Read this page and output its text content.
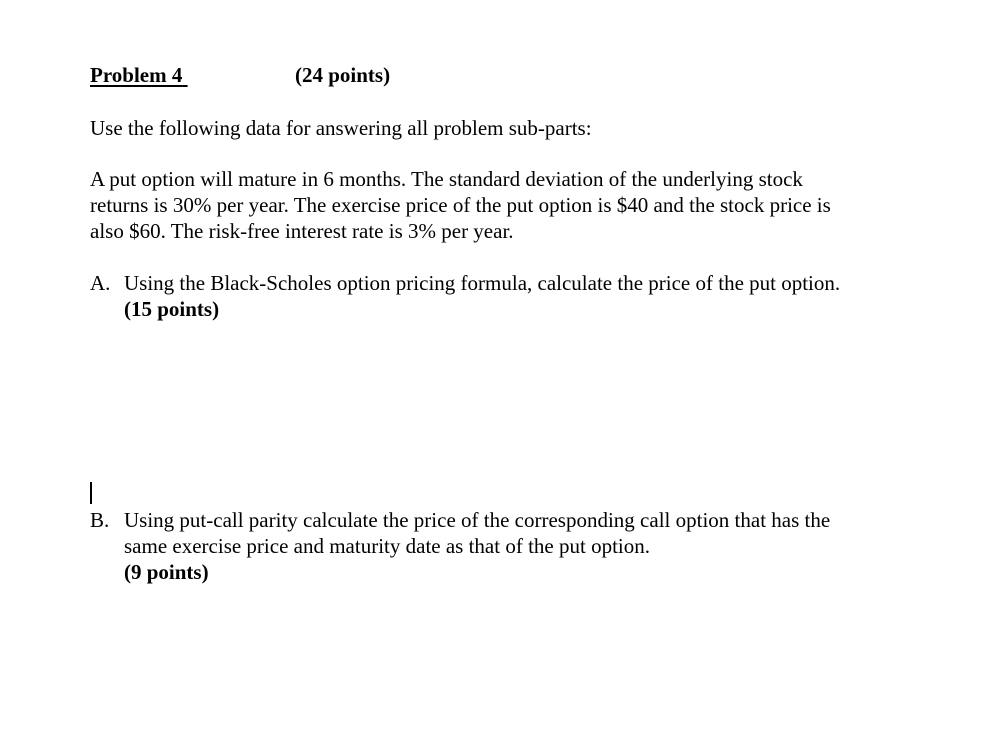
Problem 4	(24 points)
Use the following data for answering all problem sub-parts:
A put option will mature in 6 months. The standard deviation of the underlying stock
returns is 30% per year. The exercise price of the put option is $40 and the stock price is
also $60. The risk-free interest rate is 3% per year.
A. Using the Black-Scholes option pricing formula, calculate the price of the put option.
(15 points)
B. Using put-call parity calculate the price of the corresponding call option that has the
same exercise price and maturity date as that of the put option.
(9 points)
